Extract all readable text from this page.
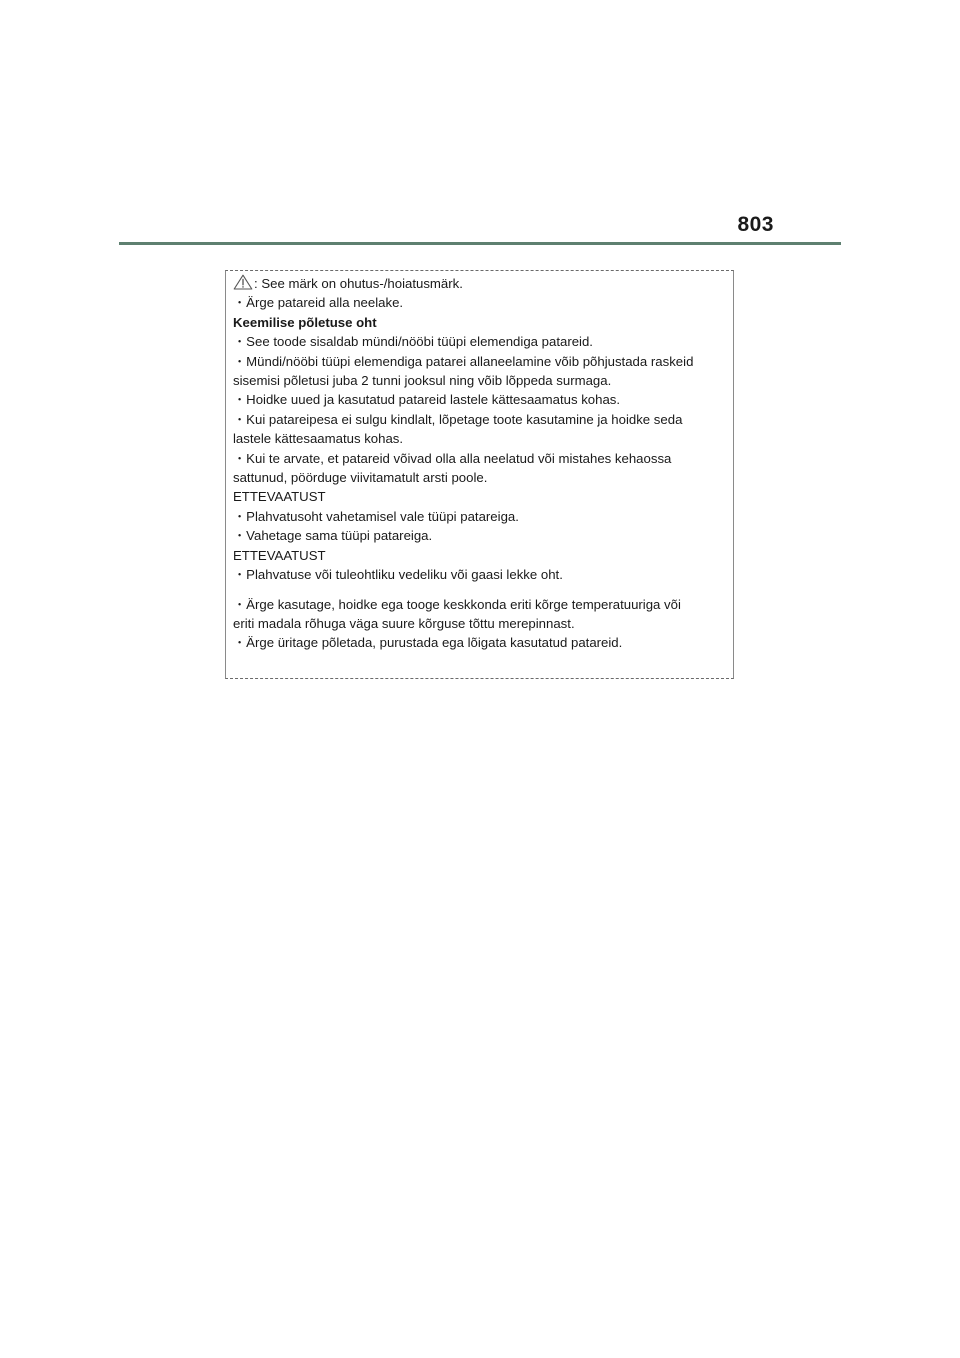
803
: See märk on ohutus-/hoiatusmärk.
・Ärge patareid alla neelake.
Keemilise põletuse oht
・See toode sisaldab mündi/nööbi tüüpi elemendiga patareid.
・Mündi/nööbi tüüpi elemendiga patarei allaneelamine võib põhjustada raskeid
sisemisi põletusi juba 2 tunni jooksul ning võib lõppeda surmaga.
・Hoidke uued ja kasutatud patareid lastele kättesaamatus kohas.
・Kui patareipesa ei sulgu kindlalt, lõpetage toote kasutamine ja hoidke seda
lastele kättesaamatus kohas.
・Kui te arvate, et patareid võivad olla alla neelatud või mistahes kehaossa
sattunud, pöörduge viivitamatult arsti poole.
ETTEVAATUST
・Plahvatusoht vahetamisel vale tüüpi patareiga.
・Vahetage sama tüüpi patareiga.
ETTEVAATUST
・Plahvatuse või tuleohtliku vedeliku või gaasi lekke oht.
・Ärge kasutage, hoidke ega tooge keskkonda eriti kõrge temperatuuriga või
eriti madala rõhuga väga suure kõrguse tõttu merepinnast.
・Ärge üritage põletada, purustada ega lõigata kasutatud patareid.
